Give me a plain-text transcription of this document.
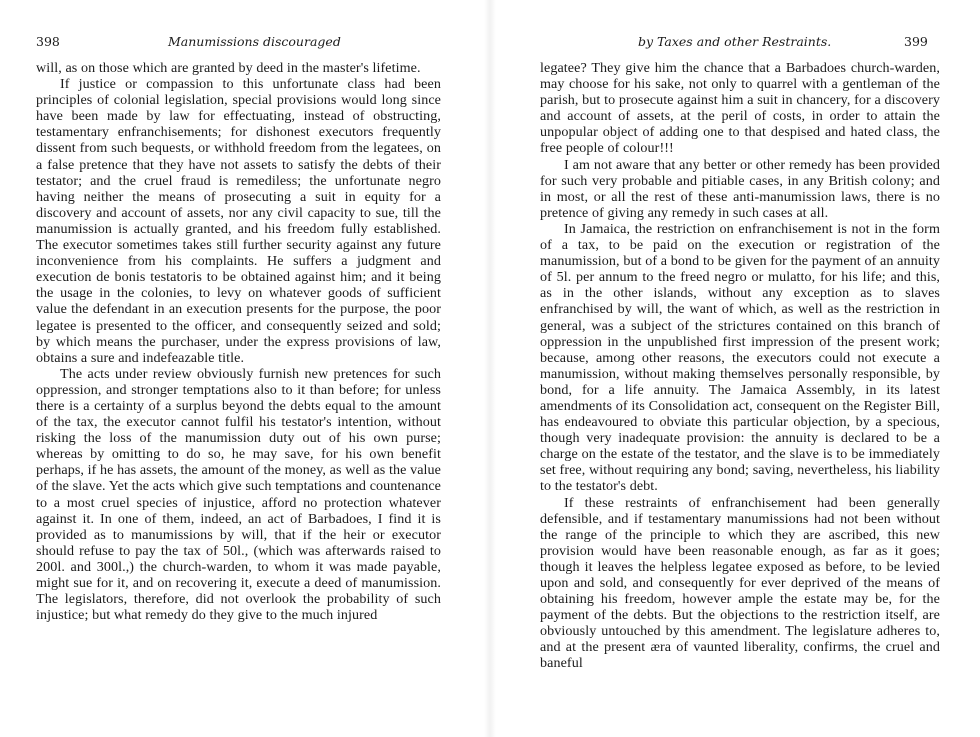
398	Manumissions discouraged

will, as on those which are granted by deed in the master's lifetime.

If justice or compassion to this unfortunate class had been principles of colonial legislation, special provisions would long since have been made by law for effectuating, instead of obstructing, testamentary enfranchisements; for dishonest executors frequently dissent from such bequests, or withhold freedom from the legatees, on a false pretence that they have not assets to satisfy the debts of their testator; and the cruel fraud is remediless; the unfortunate negro having neither the means of prosecuting a suit in equity for a discovery and account of assets, nor any civil capacity to sue, till the manumission is actually granted, and his freedom fully established. The executor sometimes takes still further security against any future inconvenience from his complaints. He suffers a judgment and execution de bonis testatoris to be obtained against him; and it being the usage in the colonies, to levy on whatever goods of sufficient value the defendant in an execution presents for the purpose, the poor legatee is presented to the officer, and consequently seized and sold; by which means the purchaser, under the express provisions of law, obtains a sure and indefeazable title.

The acts under review obviously furnish new pretences for such oppression, and stronger temptations also to it than before; for unless there is a certainty of a surplus beyond the debts equal to the amount of the tax, the executor cannot fulfil his testator's intention, without risking the loss of the manumission duty out of his own purse; whereas by omitting to do so, he may save, for his own benefit perhaps, if he has assets, the amount of the money, as well as the value of the slave. Yet the acts which give such temptations and countenance to a most cruel species of injustice, afford no protection whatever against it. In one of them, indeed, an act of Barbadoes, I find it is provided as to manumissions by will, that if the heir or executor should refuse to pay the tax of 50l., (which was afterwards raised to 200l. and 300l.,) the church-warden, to whom it was made payable, might sue for it, and on recovering it, execute a deed of manumission. The legislators, therefore, did not overlook the probability of such injustice; but what remedy do they give to the much injured

by Taxes and other Restraints.	399

legatee? They give him the chance that a Barbadoes church-warden, may choose for his sake, not only to quarrel with a gentleman of the parish, but to prosecute against him a suit in chancery, for a discovery and account of assets, at the peril of costs, in order to attain the unpopular object of adding one to that despised and hated class, the free people of colour!!!

I am not aware that any better or other remedy has been provided for such very probable and pitiable cases, in any British colony; and in most, or all the rest of these anti-manumission laws, there is no pretence of giving any remedy in such cases at all.

In Jamaica, the restriction on enfranchisement is not in the form of a tax, to be paid on the execution or registration of the manumission, but of a bond to be given for the payment of an annuity of 5l. per annum to the freed negro or mulatto, for his life; and this, as in the other islands, without any exception as to slaves enfranchised by will, the want of which, as well as the restriction in general, was a subject of the strictures contained on this branch of oppression in the unpublished first impression of the present work; because, among other reasons, the executors could not execute a manumission, without making themselves personally responsible, by bond, for a life annuity. The Jamaica Assembly, in its latest amendments of its Consolidation act, consequent on the Register Bill, has endeavoured to obviate this particular objection, by a specious, though very inadequate provision: the annuity is declared to be a charge on the estate of the testator, and the slave is to be immediately set free, without requiring any bond; saving, nevertheless, his liability to the testator's debt.

If these restraints of enfranchisement had been generally defensible, and if testamentary manumissions had not been without the range of the principle to which they are ascribed, this new provision would have been reasonable enough, as far as it goes; though it leaves the helpless legatee exposed as before, to be levied upon and sold, and consequently for ever deprived of the means of obtaining his freedom, however ample the estate may be, for the payment of the debts. But the objections to the restriction itself, are obviously untouched by this amendment. The legislature adheres to, and at the present æra of vaunted liberality, confirms, the cruel and baneful
